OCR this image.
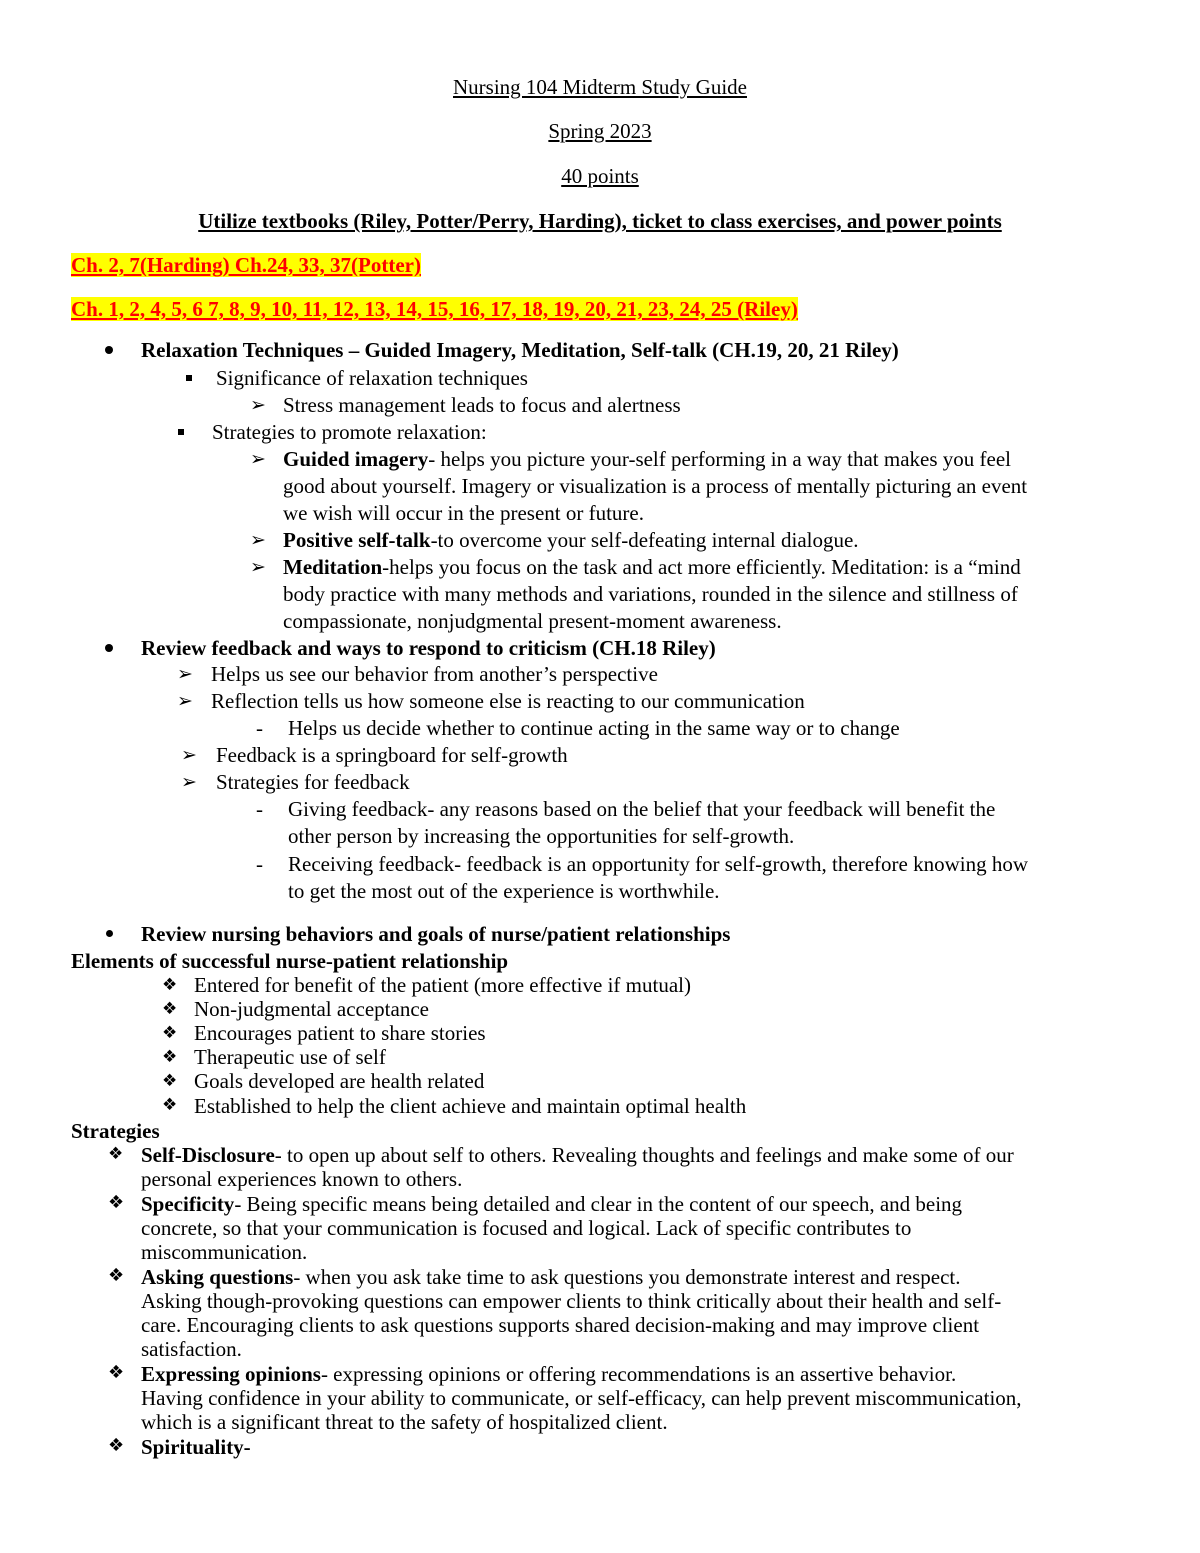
Nursing 104 Midterm Study Guide
Spring 2023
40 points
Utilize textbooks (Riley, Potter/Perry, Harding), ticket to class exercises, and power points
Ch. 2, 7(Harding) Ch.24, 33, 37(Potter)
Ch. 1, 2, 4, 5, 6 7, 8, 9, 10, 11, 12, 13, 14, 15, 16, 17, 18, 19, 20, 21, 23, 24, 25 (Riley)
Relaxation Techniques – Guided Imagery, Meditation, Self-talk (CH.19, 20, 21 Riley)
Significance of relaxation techniques
➢ Stress management leads to focus and alertness
Strategies to promote relaxation:
➢ Guided imagery- helps you picture your-self performing in a way that makes you feel
good about yourself. Imagery or visualization is a process of mentally picturing an event
we wish will occur in the present or future.
➢ Positive self-talk-to overcome your self-defeating internal dialogue.
➢ Meditation-helps you focus on the task and act more efficiently. Meditation: is a “mind
body practice with many methods and variations, rounded in the silence and stillness of
compassionate, nonjudgmental present-moment awareness.
Review feedback and ways to respond to criticism (CH.18 Riley)
➢ Helps us see our behavior from another’s perspective
➢ Reflection tells us how someone else is reacting to our communication
- Helps us decide whether to continue acting in the same way or to change
➢ Feedback is a springboard for self-growth
➢ Strategies for feedback
- Giving feedback- any reasons based on the belief that your feedback will benefit the
other person by increasing the opportunities for self-growth.
- Receiving feedback- feedback is an opportunity for self-growth, therefore knowing how
to get the most out of the experience is worthwhile.
Review nursing behaviors and goals of nurse/patient relationships
Elements of successful nurse-patient relationship
❖ Entered for benefit of the patient (more effective if mutual)
❖ Non-judgmental acceptance
❖ Encourages patient to share stories
❖ Therapeutic use of self
❖ Goals developed are health related
❖ Established to help the client achieve and maintain optimal health
Strategies
❖ Self-Disclosure- to open up about self to others. Revealing thoughts and feelings and make some of our
personal experiences known to others.
❖ Specificity- Being specific means being detailed and clear in the content of our speech, and being
concrete, so that your communication is focused and logical. Lack of specific contributes to
miscommunication.
❖ Asking questions- when you ask take time to ask questions you demonstrate interest and respect.
Asking though-provoking questions can empower clients to think critically about their health and self-
care. Encouraging clients to ask questions supports shared decision-making and may improve client
satisfaction.
❖ Expressing opinions- expressing opinions or offering recommendations is an assertive behavior.
Having confidence in your ability to communicate, or self-efficacy, can help prevent miscommunication,
which is a significant threat to the safety of hospitalized client.
❖ Spirituality-
